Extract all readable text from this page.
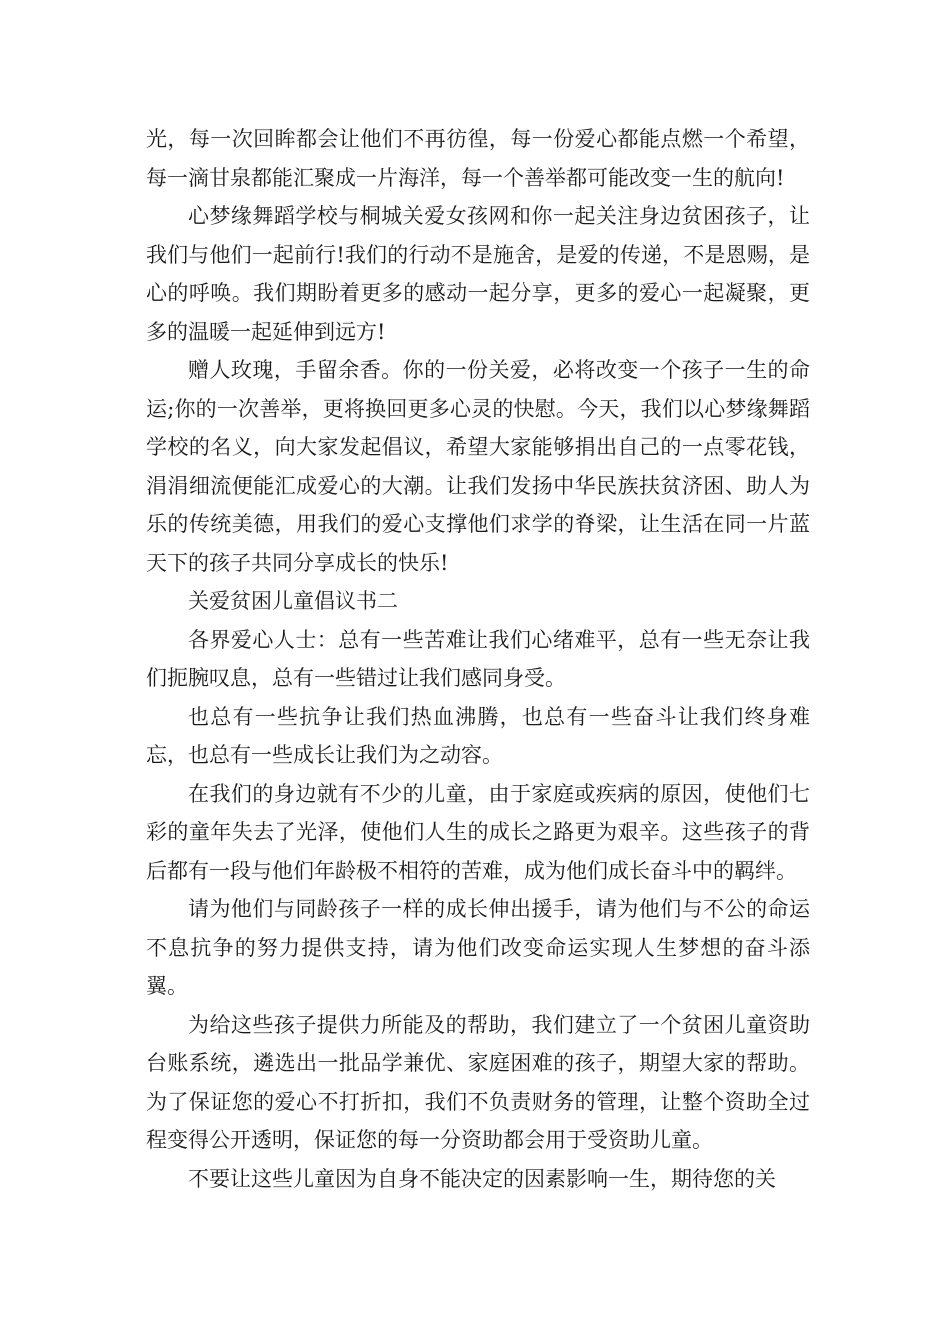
光，每一次回眸都会让他们不再彷徨，每一份爱心都能点燃一个希望，每一滴甘泉都能汇聚成一片海洋，每一个善举都可能改变一生的航向!

心梦缘舞蹈学校与桐城关爱女孩网和你一起关注身边贫困孩子，让我们与他们一起前行!我们的行动不是施舍，是爱的传递，不是恩赐，是心的呼唤。我们期盼着更多的感动一起分享，更多的爱心一起凝聚，更多的温暖一起延伸到远方!

赠人玫瑰，手留余香。你的一份关爱，必将改变一个孩子一生的命运;你的一次善举，更将换回更多心灵的快慰。今天，我们以心梦缘舞蹈学校的名义，向大家发起倡议，希望大家能够捐出自己的一点零花钱，涓涓细流便能汇成爱心的大潮。让我们发扬中华民族扶贫济困、助人为乐的传统美德，用我们的爱心支撑他们求学的脊梁，让生活在同一片蓝天下的孩子共同分享成长的快乐!

关爱贫困儿童倡议书二

各界爱心人士：总有一些苦难让我们心绪难平，总有一些无奈让我们扼腕叹息，总有一些错过让我们感同身受。

也总有一些抗争让我们热血沸腾，也总有一些奋斗让我们终身难忘，也总有一些成长让我们为之动容。

在我们的身边就有不少的儿童，由于家庭或疾病的原因，使他们七彩的童年失去了光泽，使他们人生的成长之路更为艰辛。这些孩子的背后都有一段与他们年龄极不相符的苦难，成为他们成长奋斗中的羁绊。

请为他们与同龄孩子一样的成长伸出援手，请为他们与不公的命运不息抗争的努力提供支持，请为他们改变命运实现人生梦想的奋斗添翼。

为给这些孩子提供力所能及的帮助，我们建立了一个贫困儿童资助台账系统，遴选出一批品学兼优、家庭困难的孩子，期望大家的帮助。为了保证您的爱心不打折扣，我们不负责财务的管理，让整个资助全过程变得公开透明，保证您的每一分资助都会用于受资助儿童。

不要让这些儿童因为自身不能决定的因素影响一生，期待您的关
